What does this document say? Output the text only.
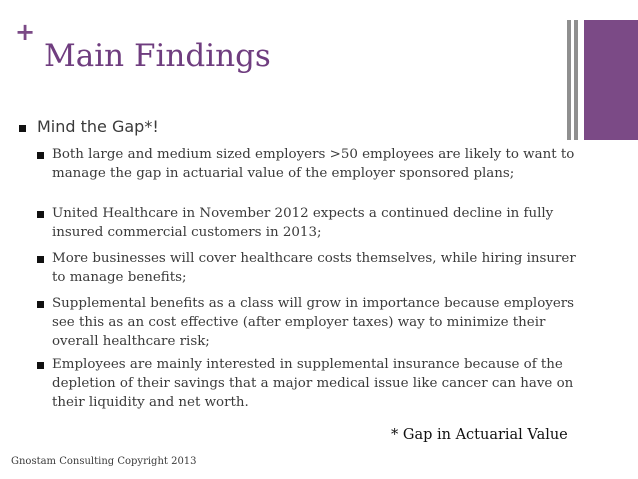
+
Main Findings
Mind the Gap*!
Both large and medium sized employers >50 employees are likely to want to manage the gap in actuarial value of the employer sponsored plans;
United Healthcare in November 2012 expects a continued decline in fully insured commercial customers in 2013;
More businesses will cover healthcare costs themselves, while hiring insurer to manage benefits;
Supplemental benefits as a class will grow in importance because employers see this as an cost effective (after employer taxes) way to minimize their overall healthcare risk;
Employees are mainly interested in supplemental insurance because of the depletion of their savings that a major medical issue like cancer can have on their liquidity and net worth.
* Gap in Actuarial Value
Gnostam Consulting Copyright 2013
